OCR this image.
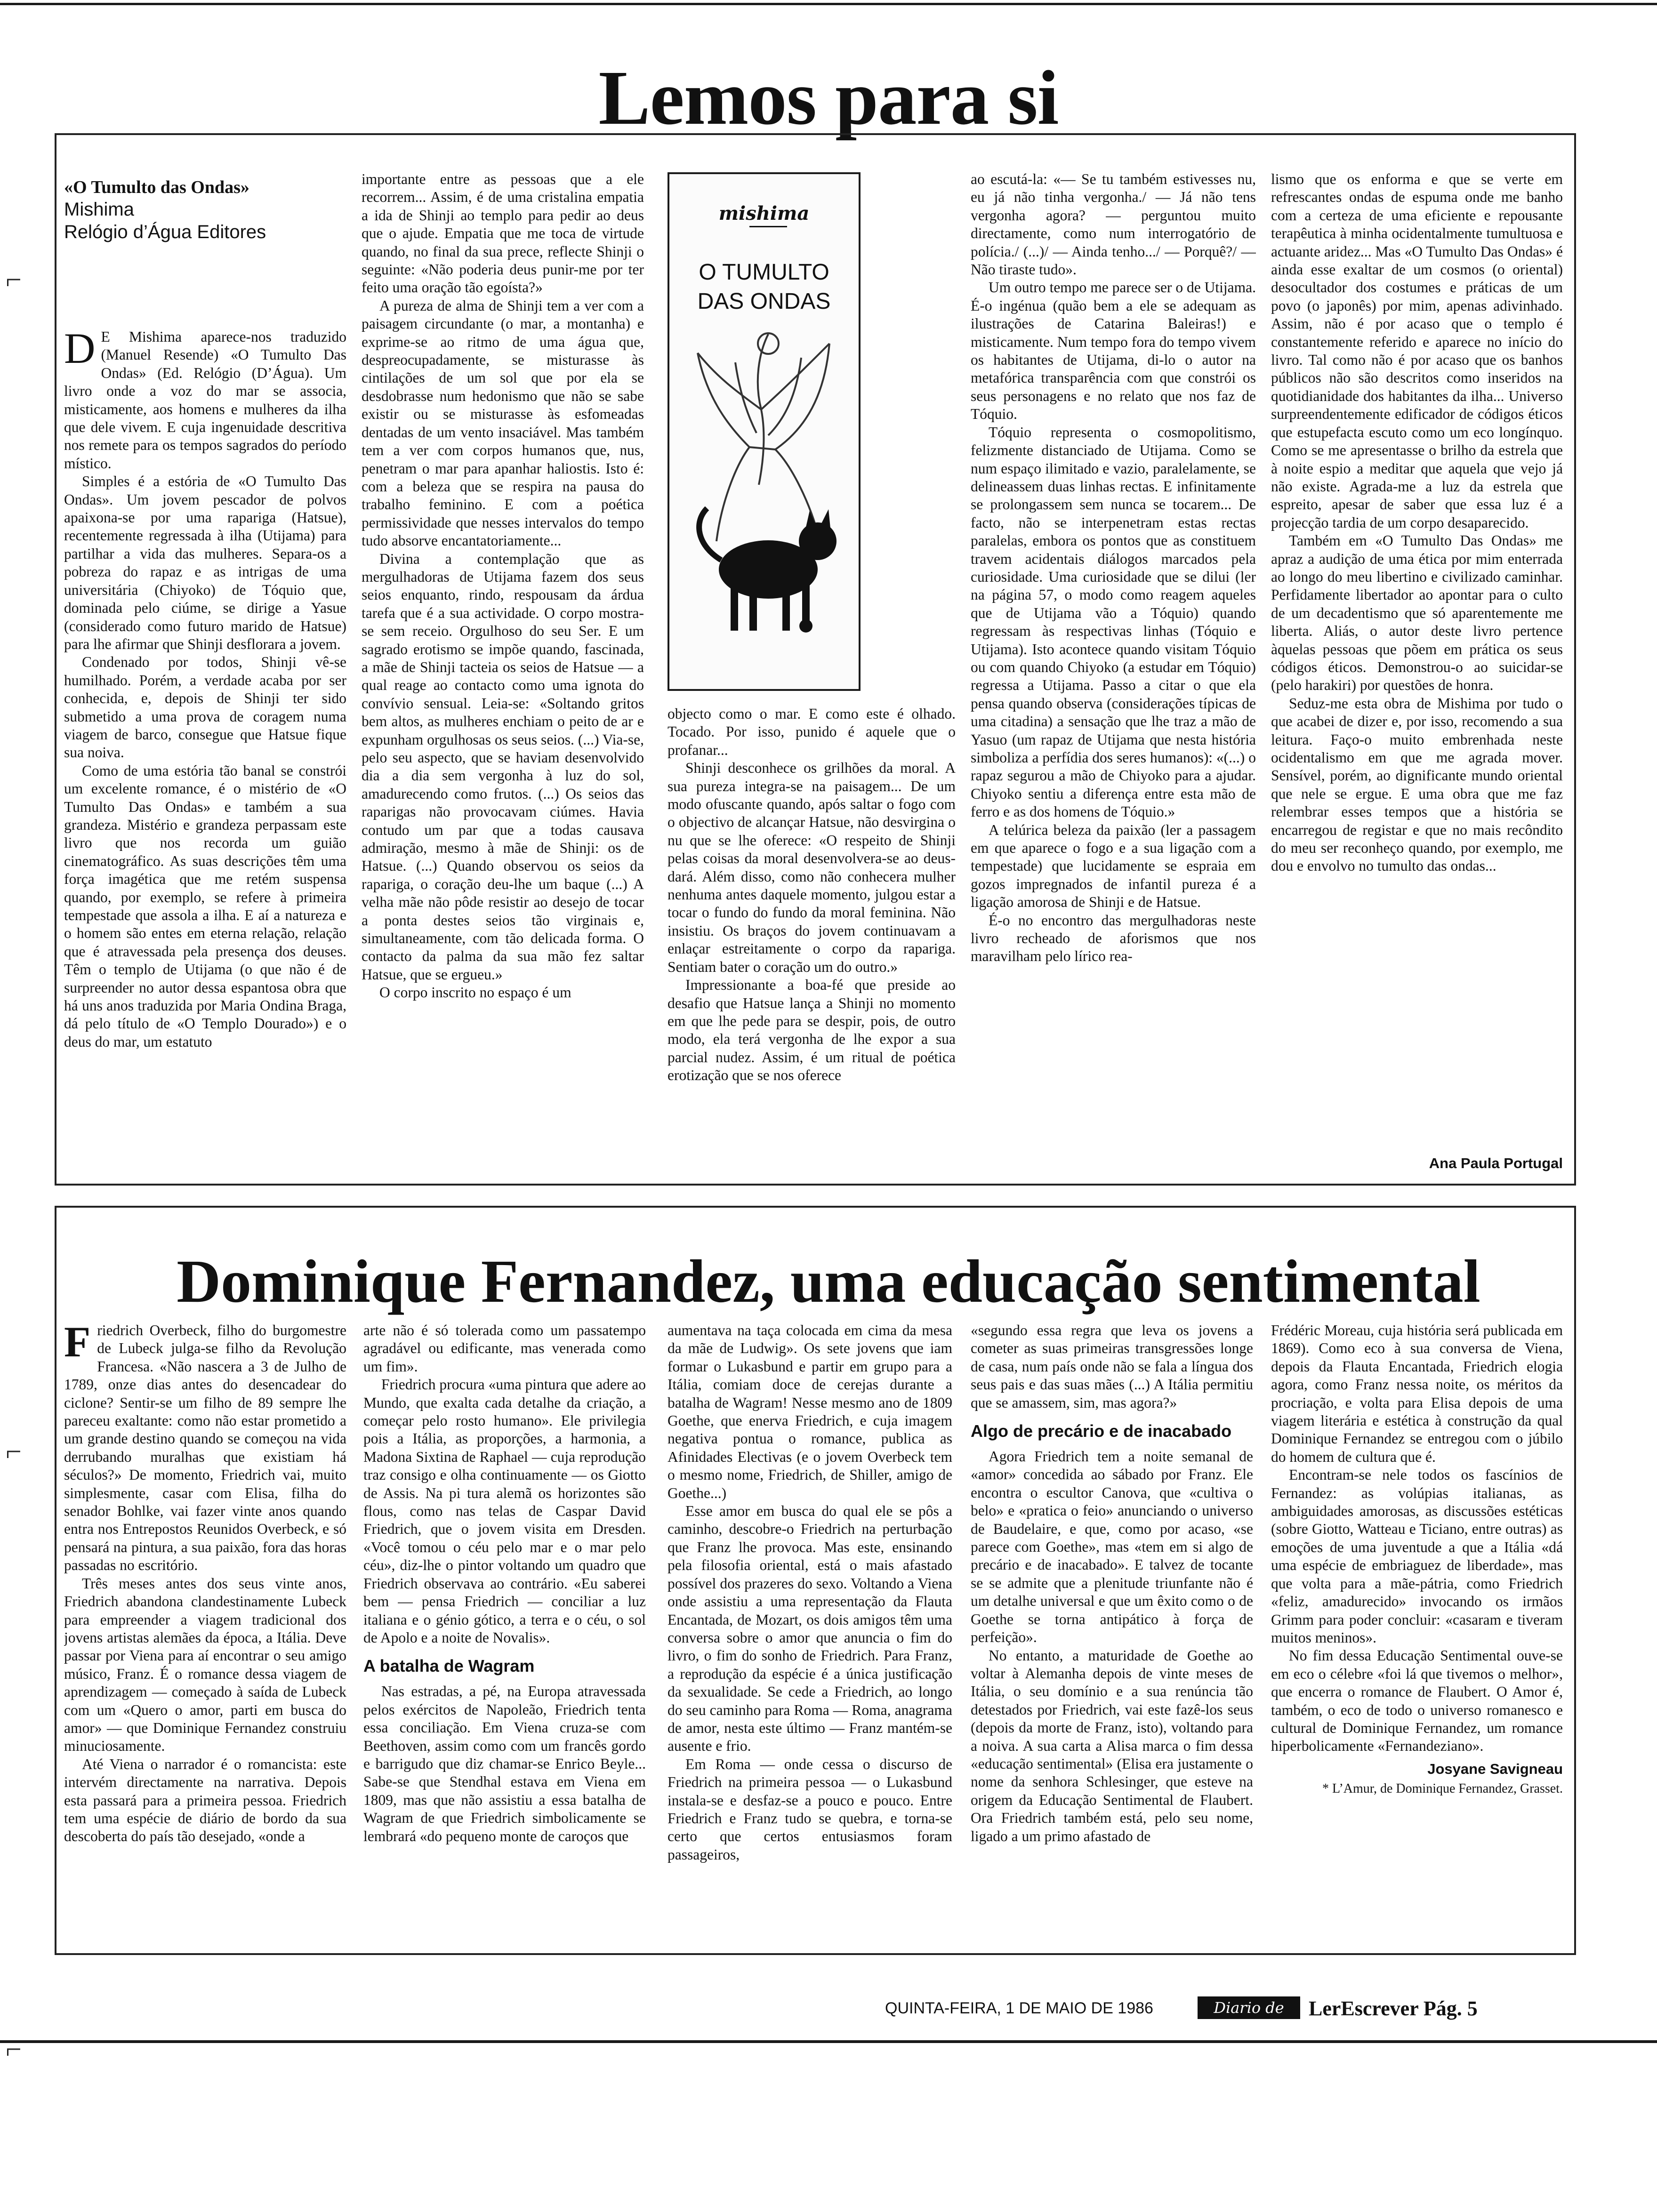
Lemos para si
«O Tumulto das Ondas»
Mishima
Relógio d’Água Editores
D E Mishima aparece-nos traduzido (Manuel Resende) «O Tumulto Das Ondas» (Ed. Relógio (D’Água). Um livro onde a voz do mar se associa, misticamente, aos homens e mulheres da ilha que dele vivem. E cuja ingenuidade descritiva nos remete para os tempos sagrados do período místico.

Simples é a estória de «O Tumulto Das Ondas». Um jovem pescador de polvos apaixona-se por uma rapariga (Hatsue), recentemente regressada à ilha (Utijama) para partilhar a vida das mulheres. Separa-os a pobreza do rapaz e as intrigas de uma universitária (Chiyoko) de Tóquio que, dominada pelo ciúme, se dirige a Yasue (considerado como futuro marido de Hatsue) para lhe afirmar que Shinji desflorara a jovem.

Condenado por todos, Shinji vê-se humilhado. Porém, a verdade acaba por ser conhecida, e, depois de Shinji ter sido submetido a uma prova de coragem numa viagem de barco, consegue que Hatsue fique sua noiva.

Como de uma estória tão banal se constrói um excelente romance, é o mistério de «O Tumulto Das Ondas» e também a sua grandeza. Mistério e grandeza perpassam este livro que nos recorda um guião cinematográfico. As suas descrições têm uma força imagética que me retém suspensa quando, por exemplo, se refere à primeira tempestade que assola a ilha. E aí a natureza e o homem são entes em eterna relação, relação que é atravessada pela presença dos deuses. Têm o templo de Utijama (o que não é de surpreender no autor dessa espantosa obra que há uns anos traduzida por Maria Ondina Braga, dá pelo título de «O Templo Dourado») e o deus do mar, um estatuto

importante entre as pessoas que a ele recorrem... Assim, é de uma cristalina empatia a ida de Shinji ao templo para pedir ao deus que o ajude. Empatia que me toca de virtude quando, no final da sua prece, reflecte Shinji o seguinte: «Não poderia deus punir-me por ter feito uma oração tão egoísta?»

A pureza de alma de Shinji tem a ver com a paisagem circundante (o mar, a montanha) e exprime-se ao ritmo de uma água que, despreocupadamente, se misturasse às cintilações de um sol que por ela se desdobrasse num hedonismo que não se sabe existir ou se misturasse às esfomeadas dentadas de um vento insaciável. Mas também tem a ver com corpos humanos que, nus, penetram o mar para apanhar haliostis. Isto é: com a beleza que se respira na pausa do trabalho feminino. E com a poética permissividade que nesses intervalos do tempo tudo absorve encantatoriamente...

Divina a contemplação que as mergulhadoras de Utijama fazem dos seus seios enquanto, rindo, respousam da árdua tarefa que é a sua actividade. O corpo mostra-se sem receio. Orgulhoso do seu Ser. E um sagrado erotismo se impõe quando, fascinada, a mãe de Shinji tacteia os seios de Hatsue — a qual reage ao contacto como uma ignota do convívio sensual. Leia-se: «Soltando gritos bem altos, as mulheres enchiam o peito de ar e expunham orgulhosas os seus seios. (...) Via-se, pelo seu aspecto, que se haviam desenvolvido dia a dia sem vergonha à luz do sol, amadurecendo como frutos. (...) Os seios das raparigas não provocavam ciúmes. Havia contudo um par que a todas causava admiração, mesmo à mãe de Shinji: os de Hatsue. (...) Quando observou os seios da rapariga, o coração deu-lhe um baque (...) A velha mãe não pôde resistir ao desejo de tocar a ponta destes seios tão virginais e, simultaneamente, com tão delicada forma. O contacto da palma da sua mão fez saltar Hatsue, que se ergueu.»

O corpo inscrito no espaço é um

mishima
O TUMULTO
DAS ONDAS

objecto como o mar. E como este é olhado. Tocado. Por isso, punido é aquele que o profanar...

Shinji desconhece os grilhões da moral. A sua pureza integra-se na paisagem... De um modo ofuscante quando, após saltar o fogo com o objectivo de alcançar Hatsue, não desvirgina o nu que se lhe oferece: «O respeito de Shinji pelas coisas da moral desenvolvera-se ao deus-dará. Além disso, como não conhecera mulher nenhuma antes daquele momento, julgou estar a tocar o fundo do fundo da moral feminina. Não insistiu. Os braços do jovem continuavam a enlaçar estreitamente o corpo da rapariga. Sentiam bater o coração um do outro.»

Impressionante a boa-fé que preside ao desafio que Hatsue lança a Shinji no momento em que lhe pede para se despir, pois, de outro modo, ela terá vergonha de lhe expor a sua parcial nudez. Assim, é um ritual de poética erotização que se nos oferece

ao escutá-la: «— Se tu também estivesses nu, eu já não tinha vergonha./ — Já não tens vergonha agora? — perguntou muito directamente, como num interrogatório de polícia./ (...)/ — Ainda tenho.../ — Porquê?/ — Não tiraste tudo».

Um outro tempo me parece ser o de Utijama. É-o ingénua (quão bem a ele se adequam as ilustrações de Catarina Baleiras!) e misticamente. Num tempo fora do tempo vivem os habitantes de Utijama, di-lo o autor na metafórica transparência com que constrói os seus personagens e no relato que nos faz de Tóquio.

Tóquio representa o cosmopolitismo, felizmente distanciado de Utijama. Como se num espaço ilimitado e vazio, paralelamente, se delineassem duas linhas rectas. E infinitamente se prolongassem sem nunca se tocarem... De facto, não se interpenetram estas rectas paralelas, embora os pontos que as constituem travem acidentais diálogos marcados pela curiosidade. Uma curiosidade que se dilui (ler na página 57, o modo como reagem aqueles que de Utijama vão a Tóquio) quando regressam às respectivas linhas (Tóquio e Utijama). Isto acontece quando visitam Tóquio ou com quando Chiyoko (a estudar em Tóquio) regressa a Utijama. Passo a citar o que ela pensa quando observa (considerações típicas de uma citadina) a sensação que lhe traz a mão de Yasuo (um rapaz de Utijama que nesta história simboliza a perfídia dos seres humanos): «(...) o rapaz segurou a mão de Chiyoko para a ajudar. Chiyoko sentiu a diferença entre esta mão de ferro e as dos homens de Tóquio.»

A telúrica beleza da paixão (ler a passagem em que aparece o fogo e a sua ligação com a tempestade) que lucidamente se espraia em gozos impregnados de infantil pureza é a ligação amorosa de Shinji e de Hatsue.

É-o no encontro das mergulhadoras neste livro recheado de aforismos que nos maravilham pelo lírico rea-

lismo que os enforma e que se verte em refrescantes ondas de espuma onde me banho com a certeza de uma eficiente e repousante terapêutica à minha ocidentalmente tumultuosa e actuante aridez... Mas «O Tumulto Das Ondas» é ainda esse exaltar de um cosmos (o oriental) desocultador dos costumes e práticas de um povo (o japonês) por mim, apenas adivinhado. Assim, não é por acaso que o templo é constantemente referido e aparece no início do livro. Tal como não é por acaso que os banhos públicos não são descritos como inseridos na quotidianidade dos habitantes da ilha... Universo surpreendentemente edificador de códigos éticos que estupefacta escuto como um eco longínquo. Como se me apresentasse o brilho da estrela que à noite espio a meditar que aquela que vejo já não existe. Agrada-me a luz da estrela que espreito, apesar de saber que essa luz é a projecção tardia de um corpo desaparecido.

Também em «O Tumulto Das Ondas» me apraz a audição de uma ética por mim enterrada ao longo do meu libertino e civilizado caminhar. Perfidamente libertador ao apontar para o culto de um decadentismo que só aparentemente me liberta. Aliás, o autor deste livro pertence àquelas pessoas que põem em prática os seus códigos éticos. Demonstrou-o ao suicidar-se (pelo harakiri) por questões de honra.

Seduz-me esta obra de Mishima por tudo o que acabei de dizer e, por isso, recomendo a sua leitura. Faço-o muito embrenhada neste ocidentalismo em que me agrada mover. Sensível, porém, ao dignificante mundo oriental que nele se ergue. E uma obra que me faz relembrar esses tempos que a história se encarregou de registar e que no mais recôndito do meu ser reconheço quando, por exemplo, me dou e envolvo no tumulto das ondas...

Ana Paula Portugal
Dominique Fernandez, uma educação sentimental
F riedrich Overbeck, filho do burgomestre de Lubeck julga-se filho da Revolução Francesa. «Não nascera a 3 de Julho de 1789, onze dias antes do desencadear do ciclone? Sentir-se um filho de 89 sempre lhe pareceu exaltante: como não estar prometido a um grande destino quando se começou na vida derrubando muralhas que existiam há séculos?» De momento, Friedrich vai, muito simplesmente, casar com Elisa, filha do senador Bohlke, vai fazer vinte anos quando entra nos Entrepostos Reunidos Overbeck, e só pensará na pintura, a sua paixão, fora das horas passadas no escritório.

Três meses antes dos seus vinte anos, Friedrich abandona clandestinamente Lubeck para empreender a viagem tradicional dos jovens artistas alemães da época, a Itália. Deve passar por Viena para aí encontrar o seu amigo músico, Franz. É o romance dessa viagem de aprendizagem — começado à saída de Lubeck com um «Quero o amor, parti em busca do amor» — que Dominique Fernandez construiu minuciosamente.

Até Viena o narrador é o romancista: este intervém directamente na narrativa. Depois esta passará para a primeira pessoa. Friedrich tem uma espécie de diário de bordo da sua descoberta do país tão desejado, «onde a

arte não é só tolerada como um passatempo agradável ou edificante, mas venerada como um fim».

Friedrich procura «uma pintura que adere ao Mundo, que exalta cada detalhe da criação, a começar pelo rosto humano». Ele privilegia pois a Itália, as proporções, a harmonia, a Madona Sixtina de Raphael — cuja reprodução traz consigo e olha continuamente — os Giotto de Assis. Na pi tura alemã os horizontes são flous, como nas telas de Caspar David Friedrich, que o jovem visita em Dresden. «Você tomou o céu pelo mar e o mar pelo céu», diz-lhe o pintor voltando um quadro que Friedrich observava ao contrário. «Eu saberei bem — pensa Friedrich — conciliar a luz italiana e o génio gótico, a terra e o céu, o sol de Apolo e a noite de Novalis».

A batalha de Wagram

Nas estradas, a pé, na Europa atravessada pelos exércitos de Napoleão, Friedrich tenta essa conciliação. Em Viena cruza-se com Beethoven, assim como com um francês gordo e barrigudo que diz chamar-se Enrico Beyle... Sabe-se que Stendhal estava em Viena em 1809, mas que não assistiu a essa batalha de Wagram de que Friedrich simbolicamente se lembrará «do pequeno monte de caroços que

aumentava na taça colocada em cima da mesa da mãe de Ludwig». Os sete jovens que iam formar o Lukasbund e partir em grupo para a Itália, comiam doce de cerejas durante a batalha de Wagram! Nesse mesmo ano de 1809 Goethe, que enerva Friedrich, e cuja imagem negativa pontua o romance, publica as Afinidades Electivas (e o jovem Overbeck tem o mesmo nome, Friedrich, de Shiller, amigo de Goethe...)

Esse amor em busca do qual ele se pôs a caminho, descobre-o Friedrich na perturbação que Franz lhe provoca. Mas este, ensinando pela filosofia oriental, está o mais afastado possível dos prazeres do sexo. Voltando a Viena onde assistiu a uma representação da Flauta Encantada, de Mozart, os dois amigos têm uma conversa sobre o amor que anuncia o fim do livro, o fim do sonho de Friedrich. Para Franz, a reprodução da espécie é a única justificação da sexualidade. Se cede a Friedrich, ao longo do seu caminho para Roma — Roma, anagrama de amor, nesta este último — Franz mantém-se ausente e frio.

Em Roma — onde cessa o discurso de Friedrich na primeira pessoa — o Lukasbund instala-se e desfaz-se a pouco e pouco. Entre Friedrich e Franz tudo se quebra, e torna-se certo que certos entusiasmos foram passageiros,

«segundo essa regra que leva os jovens a cometer as suas primeiras transgressões longe de casa, num país onde não se fala a língua dos seus pais e das suas mães (...) A Itália permitiu que se amassem, sim, mas agora?»

Algo de precário e de inacabado

Agora Friedrich tem a noite semanal de «amor» concedida ao sábado por Franz. Ele encontra o escultor Canova, que «cultiva o belo» e «pratica o feio» anunciando o universo de Baudelaire, e que, como por acaso, «se parece com Goethe», mas «tem em si algo de precário e de inacabado». E talvez de tocante se se admite que a plenitude triunfante não é um detalhe universal e que um êxito como o de Goethe se torna antipático à força de perfeição».

No entanto, a maturidade de Goethe ao voltar à Alemanha depois de vinte meses de Itália, o seu domínio e a sua renúncia tão detestados por Friedrich, vai este fazê-los seus (depois da morte de Franz, isto), voltando para a noiva. A sua carta a Alisa marca o fim dessa «educação sentimental» (Elisa era justamente o nome da senhora Schlesinger, que esteve na origem da Educação Sentimental de Flaubert. Ora Friedrich também está, pelo seu nome, ligado a um primo afastado de

Frédéric Moreau, cuja história será publicada em 1869). Como eco à sua conversa de Viena, depois da Flauta Encantada, Friedrich elogia agora, como Franz nessa noite, os méritos da procriação, e volta para Elisa depois de uma viagem literária e estética à construção da qual Dominique Fernandez se entregou com o júbilo do homem de cultura que é.

Encontram-se nele todos os fascínios de Fernandez: as volúpias italianas, as ambiguidades amorosas, as discussões estéticas (sobre Giotto, Watteau e Ticiano, entre outras) as emoções de uma juventude a que a Itália «dá uma espécie de embriaguez de liberdade», mas que volta para a mãe-pátria, como Friedrich «feliz, amadurecido» invocando os irmãos Grimm para poder concluir: «casaram e tiveram muitos meninos».

No fim dessa Educação Sentimental ouve-se em eco o célebre «foi lá que tivemos o melhor», que encerra o romance de Flaubert. O Amor é, também, o eco de todo o universo romanesco e cultural de Dominique Fernandez, um romance hiperbolicamente «Fernandeziano».

Josyane Savigneau
* L’Amur, de Dominique Fernandez, Grasset.
QUINTA-FEIRA, 1 DE MAIO DE 1986	Diario de Lisboa
LerEscrever Pág. 5
⌐
⌐
⌐
